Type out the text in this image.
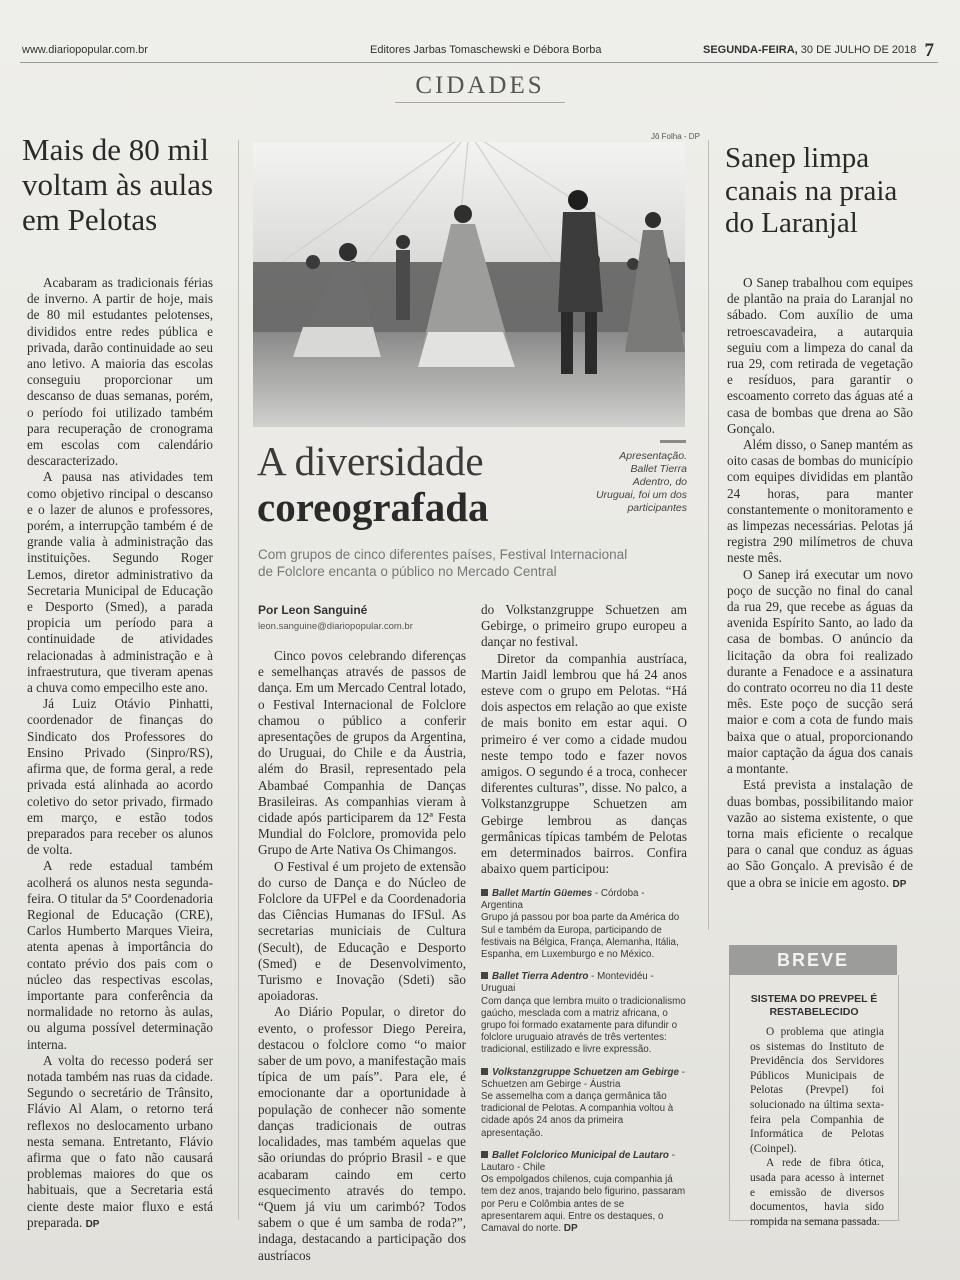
www.diariopopular.com.br	Editores Jarbas Tomaschewski e Débora Borba	SEGUNDA-FEIRA, 30 DE JULHO DE 2018 7
CIDADES
Mais de 80 mil voltam às aulas em Pelotas

Acabaram as tradicionais férias de inverno. A partir de hoje, mais de 80 mil estudantes pelotenses, divididos entre redes pública e privada, darão continuidade ao seu ano letivo. A maioria das escolas conseguiu proporcionar um descanso de duas semanas, porém, o período foi utilizado também para recuperação de cronograma em escolas com calendário descaracterizado.

A pausa nas atividades tem como objetivo rincipal o descanso e o lazer de alunos e professores, porém, a interrupção também é de grande valia à administração das instituições. Segundo Roger Lemos, diretor administrativo da Secretaria Municipal de Educação e Desporto (Smed), a parada propicia um período para a continuidade de atividades relacionadas à administração e à infraestrutura, que tiveram apenas a chuva como empecilho este ano.

Já Luiz Otávio Pinhatti, coordenador de finanças do Sindicato dos Professores do Ensino Privado (Sinpro/RS), afirma que, de forma geral, a rede privada está alinhada ao acordo coletivo do setor privado, firmado em março, e estão todos preparados para receber os alunos de volta.

A rede estadual também acolherá os alunos nesta segunda-feira. O titular da 5ª Coordenadoria Regional de Educação (CRE), Carlos Humberto Marques Vieira, atenta apenas à importância do contato prévio dos pais com o núcleo das respectivas escolas, importante para conferência da normalidade no retorno às aulas, ou alguma possível determinação interna.

A volta do recesso poderá ser notada também nas ruas da cidade. Segundo o secretário de Trânsito, Flávio Al Alam, o retorno terá reflexos no deslocamento urbano nesta semana. Entretanto, Flávio afirma que o fato não causará problemas maiores do que os habituais, que a Secretaria está ciente deste maior fluxo e está preparada. DP

Jô Folha - DP
Apresentação. Ballet Tierra Adentro, do Uruguai, foi um dos participantes
A diversidade
coreografada
Com grupos de cinco diferentes países, Festival Internacional de Folclore encanta o público no Mercado Central
Por Leon Sanguiné
leon.sanguine@diariopopular.com.br

Cinco povos celebrando diferenças e semelhanças através de passos de dança. Em um Mercado Central lotado, o Festival Internacional de Folclore chamou o público a conferir apresentações de grupos da Argentina, do Uruguai, do Chile e da Áustria, além do Brasil, representado pela Abambaé Companhia de Danças Brasileiras. As companhias vieram à cidade após participarem da 12ª Festa Mundial do Folclore, promovida pelo Grupo de Arte Nativa Os Chimangos.

O Festival é um projeto de extensão do curso de Dança e do Núcleo de Folclore da UFPel e da Coordenadoria das Ciências Humanas do IFSul. As secretarias municiais de Cultura (Secult), de Educação e Desporto (Smed) e de Desenvolvimento, Turismo e Inovação (Sdeti) são apoiadoras.

Ao Diário Popular, o diretor do evento, o professor Diego Pereira, destacou o folclore como “o maior saber de um povo, a manifestação mais típica de um país”. Para ele, é emocionante dar a oportunidade à população de conhecer não somente danças tradicionais de outras localidades, mas também aquelas que são oriundas do próprio Brasil - e que acabaram caindo em certo esquecimento através do tempo. “Quem já viu um carimbó? Todos sabem o que é um samba de roda?”, indaga, destacando a participação dos austríacos

do Volkstanzgruppe Schuetzen am Gebirge, o primeiro grupo europeu a dançar no festival.

Diretor da companhia austríaca, Martin Jaidl lembrou que há 24 anos esteve com o grupo em Pelotas. “Há dois aspectos em relação ao que existe de mais bonito em estar aqui. O primeiro é ver como a cidade mudou neste tempo todo e fazer novos amigos. O segundo é a troca, conhecer diferentes culturas”, disse. No palco, a Volkstanzgruppe Schuetzen am Gebirge lembrou as danças germânicas típicas também de Pelotas em determinados bairros. Confira abaixo quem participou:

Ballet Martín Güemes - Córdoba - Argentina
Grupo já passou por boa parte da América do Sul e também da Europa, participando de festivais na Bélgica, França, Alemanha, Itália, Espanha, em Luxemburgo e no México.
Ballet Tierra Adentro - Montevidéu - Uruguai
Com dança que lembra muito o tradicionalismo gaúcho, mesclada com a matriz africana, o grupo foi formado exatamente para difundir o folclore uruguaio através de três vertentes: tradicional, estilizado e livre expressão.
Volkstanzgruppe Schuetzen am Gebirge - Schuetzen am Gebirge - Áustria
Se assemelha com a dança germânica tão tradicional de Pelotas. A companhia voltou à cidade após 24 anos da primeira apresentação.
Ballet Folclorico Municipal de Lautaro - Lautaro - Chile
Os empolgados chilenos, cuja companhia já tem dez anos, trajando belo figurino, passaram por Peru e Colômbia antes de se apresentarem aqui. Entre os destaques, o Camaval do norte. DP
Sanep limpa canais na praia do Laranjal

O Sanep trabalhou com equipes de plantão na praia do Laranjal no sábado. Com auxílio de uma retroescavadeira, a autarquia seguiu com a limpeza do canal da rua 29, com retirada de vegetação e resíduos, para garantir o escoamento correto das águas até a casa de bombas que drena ao São Gonçalo.

Além disso, o Sanep mantém as oito casas de bombas do município com equipes divididas em plantão 24 horas, para manter constantemente o monitoramento e as limpezas necessárias. Pelotas já registra 290 milímetros de chuva neste mês.

O Sanep irá executar um novo poço de sucção no final do canal da rua 29, que recebe as águas da avenida Espírito Santo, ao lado da casa de bombas. O anúncio da licitação da obra foi realizado durante a Fenadoce e a assinatura do contrato ocorreu no dia 11 deste mês. Este poço de sucção será maior e com a cota de fundo mais baixa que o atual, proporcionando maior captação da água dos canais a montante.

Está prevista a instalação de duas bombas, possibilitando maior vazão ao sistema existente, o que torna mais eficiente o recalque para o canal que conduz as águas ao São Gonçalo. A previsão é de que a obra se inicie em agosto. DP

BREVE
SISTEMA DO PREVPEL É RESTABELECIDO

O problema que atingia os sistemas do Instituto de Previdência dos Servidores Públicos Municipais de Pelotas (Prevpel) foi solucionado na última sexta-feira pela Companhia de Informática de Pelotas (Coinpel).

A rede de fibra ótica, usada para acesso à internet e emissão de diversos documentos, havia sido rompida na semana passada.
